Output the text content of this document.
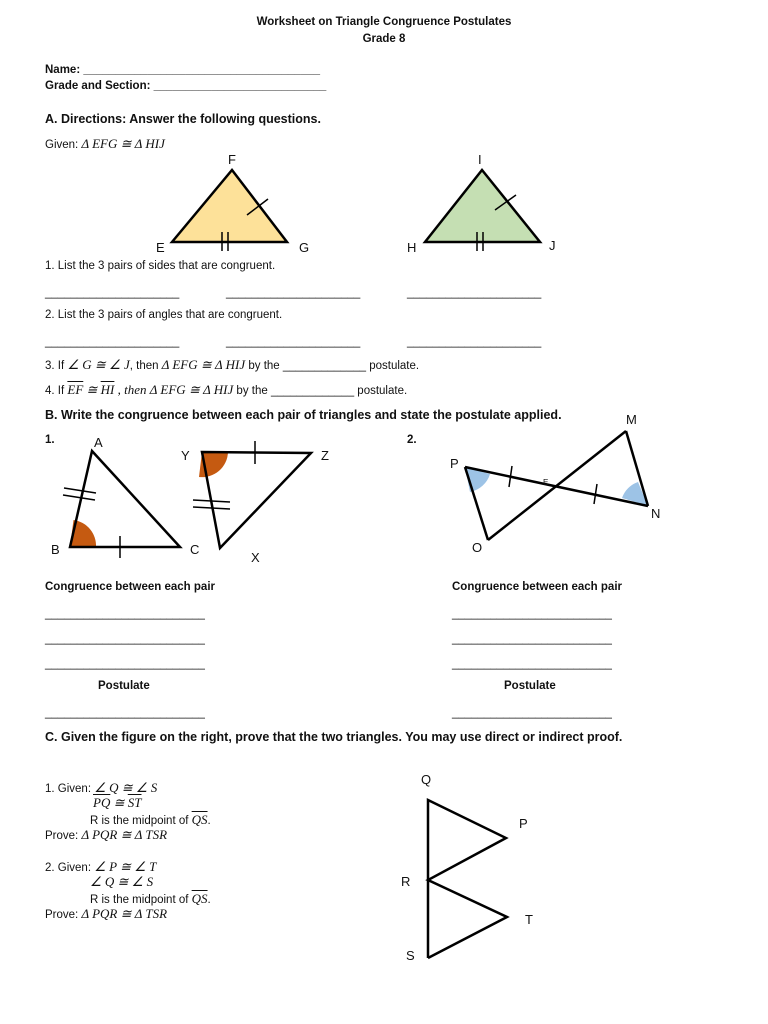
Worksheet on Triangle Congruence Postulates
Grade 8
Name: _____________________________________
Grade and Section: ___________________________
A. Directions: Answer the following questions.
Given: Δ EFG ≅ Δ HIJ
F
E	G
I
H	J
1. List the 3 pairs of sides that are congruent.
_____________________	_____________________	_____________________
2. List the 3 pairs of angles that are congruent.
_____________________	_____________________	_____________________
3. If ∠ G ≅ ∠ J, then Δ EFG ≅ Δ HIJ by the _____________ postulate.
4. If $\overline{EF}$ ≅ $\overline{HI}$ , then Δ EFG ≅ Δ HIJ by the _____________ postulate.
B. Write the congruence between each pair of triangles and state the postulate applied.
1.	2.
A
B	C
Y	Z
X
E
P
O
M
N
Congruence between each pair
_________________________
_________________________
_________________________
Postulate
_________________________
Congruence between each pair
_________________________
_________________________
_________________________
Postulate
_________________________
C. Given the figure on the right, prove that the two triangles. You may use direct or indirect proof.
1. Given: ∠ Q ≅ ∠ S
$\overline{PQ}$ ≅ $\overline{ST}$
R is the midpoint of $\overline{QS}$.
Prove: Δ PQR ≅ Δ TSR
2. Given: ∠ P ≅ ∠ T
∠ Q ≅ ∠ S
R is the midpoint of $\overline{QS}$.
Prove: Δ PQR ≅ Δ TSR
Q
P
R
T
S
